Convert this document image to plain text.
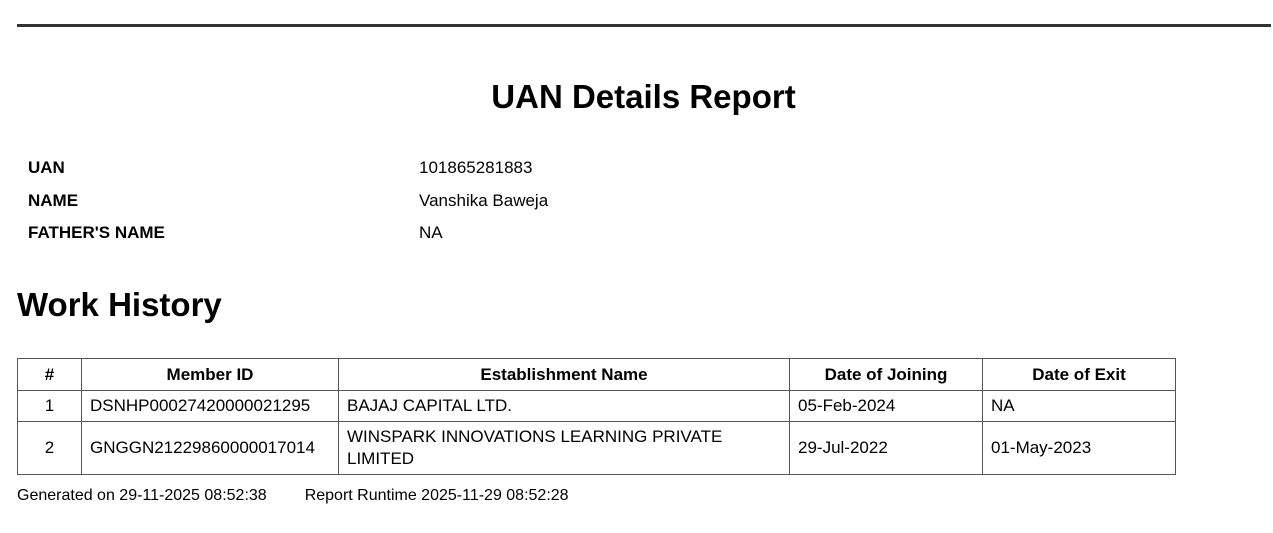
UAN Details Report
UAN	101865281883
NAME	Vanshika Baweja
FATHER'S NAME	NA
Work History
#	Member ID	Establishment Name	Date of Joining	Date of Exit
1	DSNHP00027420000021295	BAJAJ CAPITAL LTD.	05-Feb-2024	NA
2	GNGGN21229860000017014	WINSPARK INNOVATIONS LEARNING PRIVATE LIMITED	29-Jul-2022	01-May-2023
Generated on 29-11-2025 08:52:38 Report Runtime 2025-11-29 08:52:28
